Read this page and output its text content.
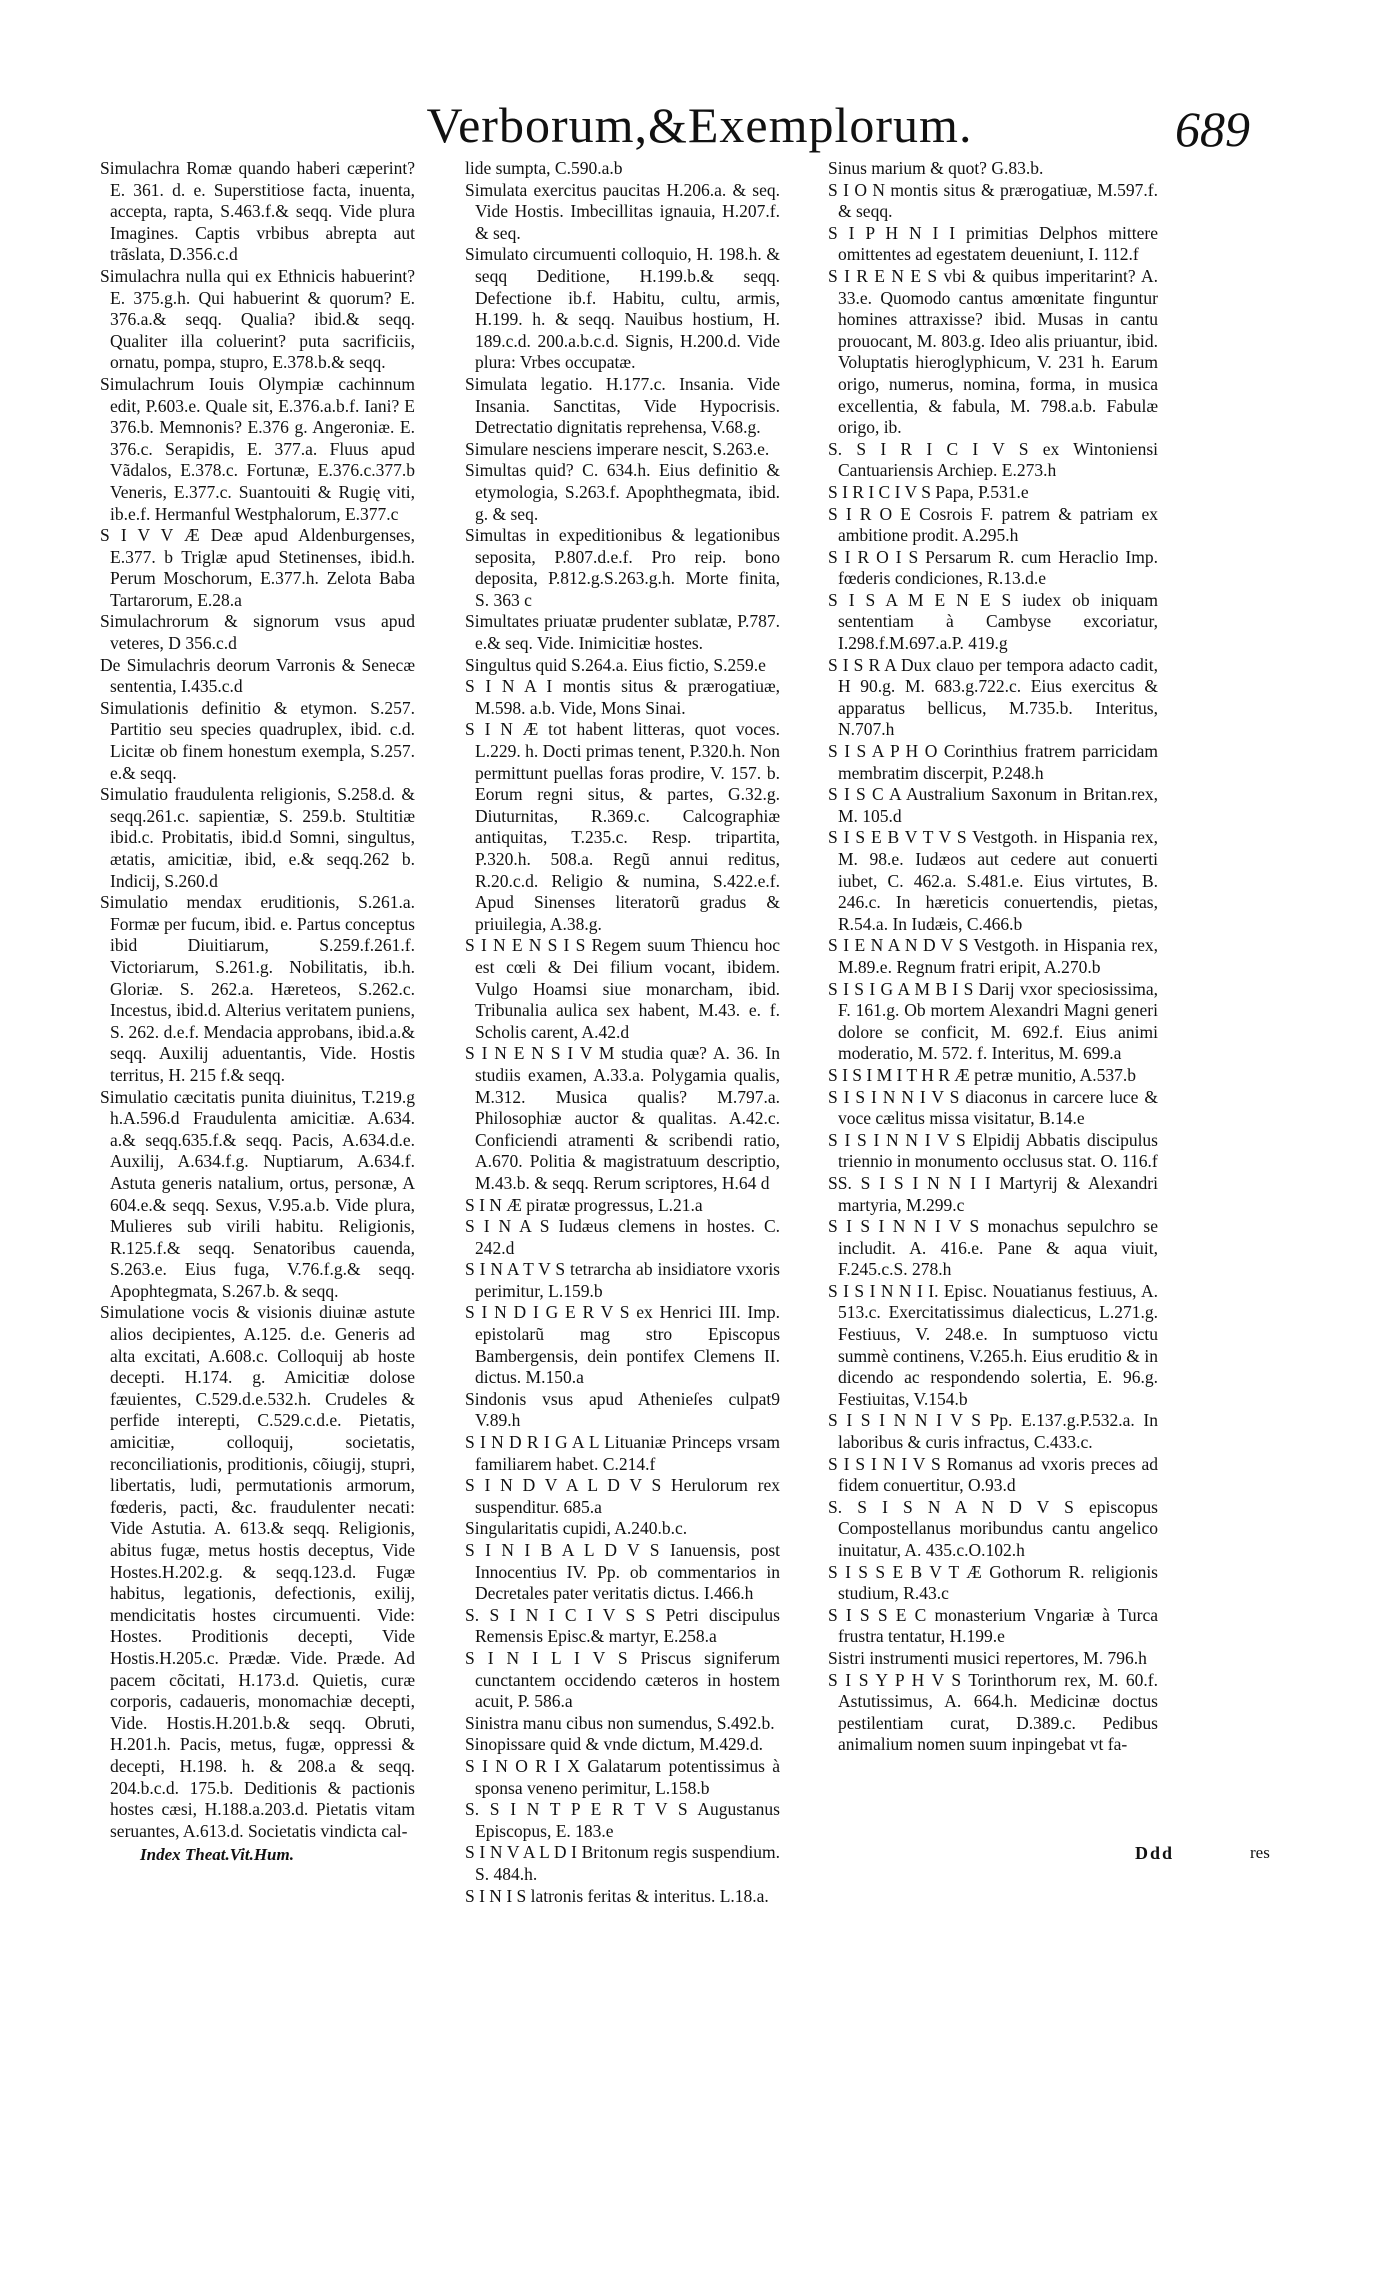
Verborum,&Exemplorum.	689

Simulachra Romæ quando haberi cæperint? E. 361. d. e. Superstitiose facta, inuenta, accepta, rapta, S.463.f.& seqq. Vide plura Imagines. Captis vrbibus abrepta aut trãslata, D.356.c.d

Simulachra nulla qui ex Ethnicis habuerint? E. 375.g.h. Qui habuerint & quorum? E. 376.a.& seqq. Qualia? ibid.& seqq. Qualiter illa coluerint? puta sacrificiis, ornatu, pompa, stupro, E.378.b.& seqq.

Simulachrum Iouis Olympiæ cachinnum edit, P.603.e. Quale sit, E.376.a.b.f. Iani? E 376.b. Memnonis? E.376 g. Angeroniæ. E. 376.c. Serapidis, E. 377.a. Fluus apud Vãdalos, E.378.c. Fortunæ, E.376.c.377.b Veneris, E.377.c. Suantouiti & Rugię viti, ib.e.f. Hermanful Westphalorum, E.377.c

S I V V Æ Deæ apud Aldenburgenses, E.377. b Triglæ apud Stetinenses, ibid.h. Perum Moschorum, E.377.h. Zelota Baba Tartarorum, E.28.a

Simulachrorum & signorum vsus apud veteres, D 356.c.d

De Simulachris deorum Varronis & Senecæ sententia, I.435.c.d

Simulationis definitio & etymon. S.257. Partitio seu species quadruplex, ibid. c.d. Licitæ ob finem honestum exempla, S.257. e.& seqq.

Simulatio fraudulenta religionis, S.258.d. & seqq.261.c. sapientiæ, S. 259.b. Stultitiæ ibid.c. Probitatis, ibid.d Somni, singultus, ætatis, amicitiæ, ibid, e.& seqq.262 b. Indicij, S.260.d

Simulatio mendax eruditionis, S.261.a. Formæ per fucum, ibid. e. Partus conceptus ibid Diuitiarum, S.259.f.261.f. Victoriarum, S.261.g. Nobilitatis, ib.h. Gloriæ. S. 262.a. Hæreteos, S.262.c. Incestus, ibid.d. Alterius veritatem puniens, S. 262. d.e.f. Mendacia approbans, ibid.a.& seqq. Auxilij aduentantis, Vide. Hostis territus, H. 215 f.& seqq.

Simulatio cæcitatis punita diuinitus, T.219.g h.A.596.d Fraudulenta amicitiæ. A.634. a.& seqq.635.f.& seqq. Pacis, A.634.d.e. Auxilij, A.634.f.g. Nuptiarum, A.634.f. Astuta generis natalium, ortus, personæ, A 604.e.& seqq. Sexus, V.95.a.b. Vide plura, Mulieres sub virili habitu. Religionis, R.125.f.& seqq. Senatoribus cauenda, S.263.e. Eius fuga, V.76.f.g.& seqq. Apophtegmata, S.267.b. & seqq.

Simulatione vocis & visionis diuinæ astute alios decipientes, A.125. d.e. Generis ad alta excitati, A.608.c. Colloquij ab hoste decepti. H.174. g. Amicitiæ dolose fæuientes, C.529.d.e.532.h. Crudeles & perfide interepti, C.529.c.d.e. Pietatis, amicitiæ, colloquij, societatis, reconciliationis, proditionis, cõiugij, stupri, libertatis, ludi, permutationis armorum, fœderis, pacti, &c. fraudulenter necati: Vide Astutia. A. 613.& seqq. Religionis, abitus fugæ, metus hostis deceptus, Vide Hostes.H.202.g. & seqq.123.d. Fugæ habitus, legationis, defectionis, exilij, mendicitatis hostes circumuenti. Vide: Hostes. Proditionis decepti, Vide Hostis.H.205.c. Prædæ. Vide. Præde. Ad pacem cõcitati, H.173.d. Quietis, curæ corporis, cadaueris, monomachiæ decepti, Vide. Hostis.H.201.b.& seqq. Obruti, H.201.h. Pacis, metus, fugæ, oppressi & decepti, H.198. h. & 208.a & seqq. 204.b.c.d. 175.b. Deditionis & pactionis hostes cæsi, H.188.a.203.d. Pietatis vitam seruantes, A.613.d. Societatis vindicta cal-

lide sumpta, C.590.a.b

Simulata exercitus paucitas H.206.a. & seq. Vide Hostis. Imbecillitas ignauia, H.207.f. & seq.

Simulato circumuenti colloquio, H. 198.h. & seqq Deditione, H.199.b.& seqq. Defectione ib.f. Habitu, cultu, armis, H.199. h. & seqq. Nauibus hostium, H. 189.c.d. 200.a.b.c.d. Signis, H.200.d. Vide plura: Vrbes occupatæ.

Simulata legatio. H.177.c. Insania. Vide Insania. Sanctitas, Vide Hypocrisis. Detrectatio dignitatis reprehensa, V.68.g.

Simulare nesciens imperare nescit, S.263.e.

Simultas quid? C. 634.h. Eius definitio & etymologia, S.263.f. Apophthegmata, ibid. g. & seq.

Simultas in expeditionibus & legationibus seposita, P.807.d.e.f. Pro reip. bono deposita, P.812.g.S.263.g.h. Morte finita, S. 363 c

Simultates priuatæ prudenter sublatæ, P.787. e.& seq. Vide. Inimicitiæ hostes.

Singultus quid S.264.a. Eius fictio, S.259.e

S I N A I montis situs & prærogatiuæ, M.598. a.b. Vide, Mons Sinai.

S I N Æ tot habent litteras, quot voces. L.229. h. Docti primas tenent, P.320.h. Non permittunt puellas foras prodire, V. 157. b. Eorum regni situs, & partes, G.32.g. Diuturnitas, R.369.c. Calcographiæ antiquitas, T.235.c. Resp. tripartita, P.320.h. 508.a. Regũ annui reditus, R.20.c.d. Religio & numina, S.422.e.f. Apud Sinenses literatorũ gradus & priuilegia, A.38.g.

S I N E N S I S Regem suum Thiencu hoc est cœli & Dei filium vocant, ibidem. Vulgo Hoamsi siue monarcham, ibid. Tribunalia aulica sex habent, M.43. e. f. Scholis carent, A.42.d

S I N E N S I V M studia quæ? A. 36. In studiis examen, A.33.a. Polygamia qualis, M.312. Musica qualis? M.797.a. Philosophiæ auctor & qualitas. A.42.c. Conficiendi atramenti & scribendi ratio, A.670. Politia & magistratuum descriptio, M.43.b. & seqq. Rerum scriptores, H.64 d

S I N Æ piratæ progressus, L.21.a

S I N A S Iudæus clemens in hostes. C. 242.d

S I N A T V S tetrarcha ab insidiatore vxoris perimitur, L.159.b

S I N D I G E R V S ex Henrici III. Imp. epistolarũ mag stro Episcopus Bambergensis, dein pontifex Clemens II. dictus. M.150.a

Sindonis vsus apud Athenieſes culpat9 V.89.h

S I N D R I G A L Lituaniæ Princeps vrsam familiarem habet. C.214.f

S I N D V A L D V S Herulorum rex suspenditur. 685.a

Singularitatis cupidi, A.240.b.c.

S I N I B A L D V S Ianuensis, post Innocentius IV. Pp. ob commentarios in Decretales pater veritatis dictus. I.466.h

S. S I N I C I V S S Petri discipulus Remensis Episc.& martyr, E.258.a

S I N I L I V S Priscus signiferum cunctantem occidendo cæteros in hostem acuit, P. 586.a

Sinistra manu cibus non sumendus, S.492.b.

Sinopissare quid & vnde dictum, M.429.d.

S I N O R I X Galatarum potentissimus à sponsa veneno perimitur, L.158.b

S. S I N T P E R T V S Augustanus Episcopus, E. 183.e

S I N V A L D I Britonum regis suspendium. S. 484.h.

S I N I S latronis feritas & interitus. L.18.a.

Sinus marium & quot? G.83.b.

S I O N montis situs & prærogatiuæ, M.597.f. & seqq.

S I P H N I I primitias Delphos mittere omittentes ad egestatem deueniunt, I. 112.f

S I R E N E S vbi & quibus imperitarint? A. 33.e. Quomodo cantus amœnitate finguntur homines attraxisse? ibid. Musas in cantu prouocant, M. 803.g. Ideo alis priuantur, ibid. Voluptatis hieroglyphicum, V. 231 h. Earum origo, numerus, nomina, forma, in musica excellentia, & fabula, M. 798.a.b. Fabulæ origo, ib.

S. S I R I C I V S ex Wintoniensi Cantuariensis Archiep. E.273.h

S I R I C I V S Papa, P.531.e

S I R O E Cosrois F. patrem & patriam ex ambitione prodit. A.295.h

S I R O I S Persarum R. cum Heraclio Imp. fœderis condiciones, R.13.d.e

S I S A M E N E S iudex ob iniquam sententiam à Cambyse excoriatur, I.298.f.M.697.a.P. 419.g

S I S R A Dux clauo per tempora adacto cadit, H 90.g. M. 683.g.722.c. Eius exercitus & apparatus bellicus, M.735.b. Interitus, N.707.h

S I S A P H O Corinthius fratrem parricidam membratim discerpit, P.248.h

S I S C A Australium Saxonum in Britan.rex, M. 105.d

S I S E B V T V S Vestgoth. in Hispania rex, M. 98.e. Iudæos aut cedere aut conuerti iubet, C. 462.a. S.481.e. Eius virtutes, B. 246.c. In hæreticis conuertendis, pietas, R.54.a. In Iudæis, C.466.b

S I E N A N D V S Vestgoth. in Hispania rex, M.89.e. Regnum fratri eripit, A.270.b

S I S I G A M B I S Darij vxor speciosissima, F. 161.g. Ob mortem Alexandri Magni generi dolore se conficit, M. 692.f. Eius animi moderatio, M. 572. f. Interitus, M. 699.a

S I S I M I T H R Æ petræ munitio, A.537.b

S I S I N N I V S diaconus in carcere luce & voce cælitus missa visitatur, B.14.e

S I S I N N I V S Elpidij Abbatis discipulus triennio in monumento occlusus stat. O. 116.f

SS. S I S I N N I I Martyrij & Alexandri martyria, M.299.c

S I S I N N I V S monachus sepulchro se includit. A. 416.e. Pane & aqua viuit, F.245.c.S. 278.h

S I S I N N I I. Episc. Nouatianus festiuus, A. 513.c. Exercitatissimus dialecticus, L.271.g. Festiuus, V. 248.e. In sumptuoso victu summè continens, V.265.h. Eius eruditio & in dicendo ac respondendo solertia, E. 96.g. Festiuitas, V.154.b

S I S I N N I V S Pp. E.137.g.P.532.a. In laboribus & curis infractus, C.433.c.

S I S I N I V S Romanus ad vxoris preces ad fidem conuertitur, O.93.d

S. S I S N A N D V S episcopus Compostellanus moribundus cantu angelico inuitatur, A. 435.c.O.102.h

S I S S E B V T Æ Gothorum R. religionis studium, R.43.c

S I S S E C monasterium Vngariæ à Turca frustra tentatur, H.199.e

Sistri instrumenti musici repertores, M. 796.h

S I S Y P H V S Torinthorum rex, M. 60.f. Astutissimus, A. 664.h. Medicinæ doctus pestilentiam curat, D.389.c. Pedibus animalium nomen suum inpingebat vt fa-

Index Theat.Vit.Hum.	Ddd	res
